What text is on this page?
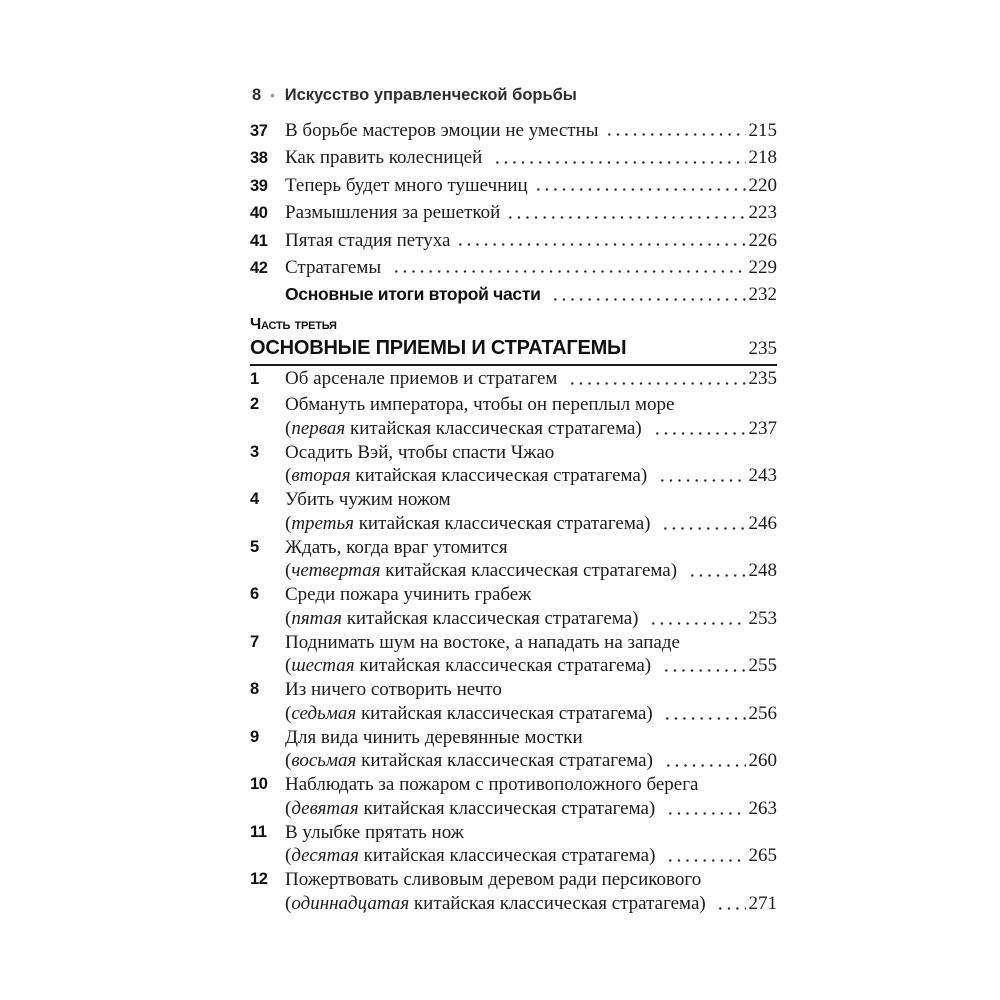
8 • Искусство управленческой борьбы
37 В борьбе мастеров эмоции не уместны	215
38 Как править колесницей	218
39 Теперь будет много тушечниц	220
40 Размышления за решеткой	223
41 Пятая стадия петуха	226
42 Стратагемы	229
Основные итоги второй части	232
Часть третья
ОСНОВНЫЕ ПРИЕМЫ И СТРАТАГЕМЫ	235
1	Об арсенале приемов и стратагем	235
2	Обмануть императора, чтобы он переплыл море
(первая китайская классическая стратагема)	237
3	Осадить Вэй, чтобы спасти Чжао
(вторая китайская классическая стратагема)	243
4	Убить чужим ножом
(третья китайская классическая стратагема)	246
5	Ждать, когда враг утомится
(четвертая китайская классическая стратагема)	248
6	Среди пожара учинить грабеж
(пятая китайская классическая стратагема)	253
7	Поднимать шум на востоке, а нападать на западе
(шестая китайская классическая стратагема)	255
8	Из ничего сотворить нечто
(седьмая китайская классическая стратагема)	256
9	Для вида чинить деревянные мостки
(восьмая китайская классическая стратагема)	260
10 Наблюдать за пожаром с противоположного берега
(девятая китайская классическая стратагема)	263
11 В улыбке прятать нож
(десятая китайская классическая стратагема)	265
12 Пожертвовать сливовым деревом ради персикового
(одиннадцатая китайская классическая стратагема) 271
